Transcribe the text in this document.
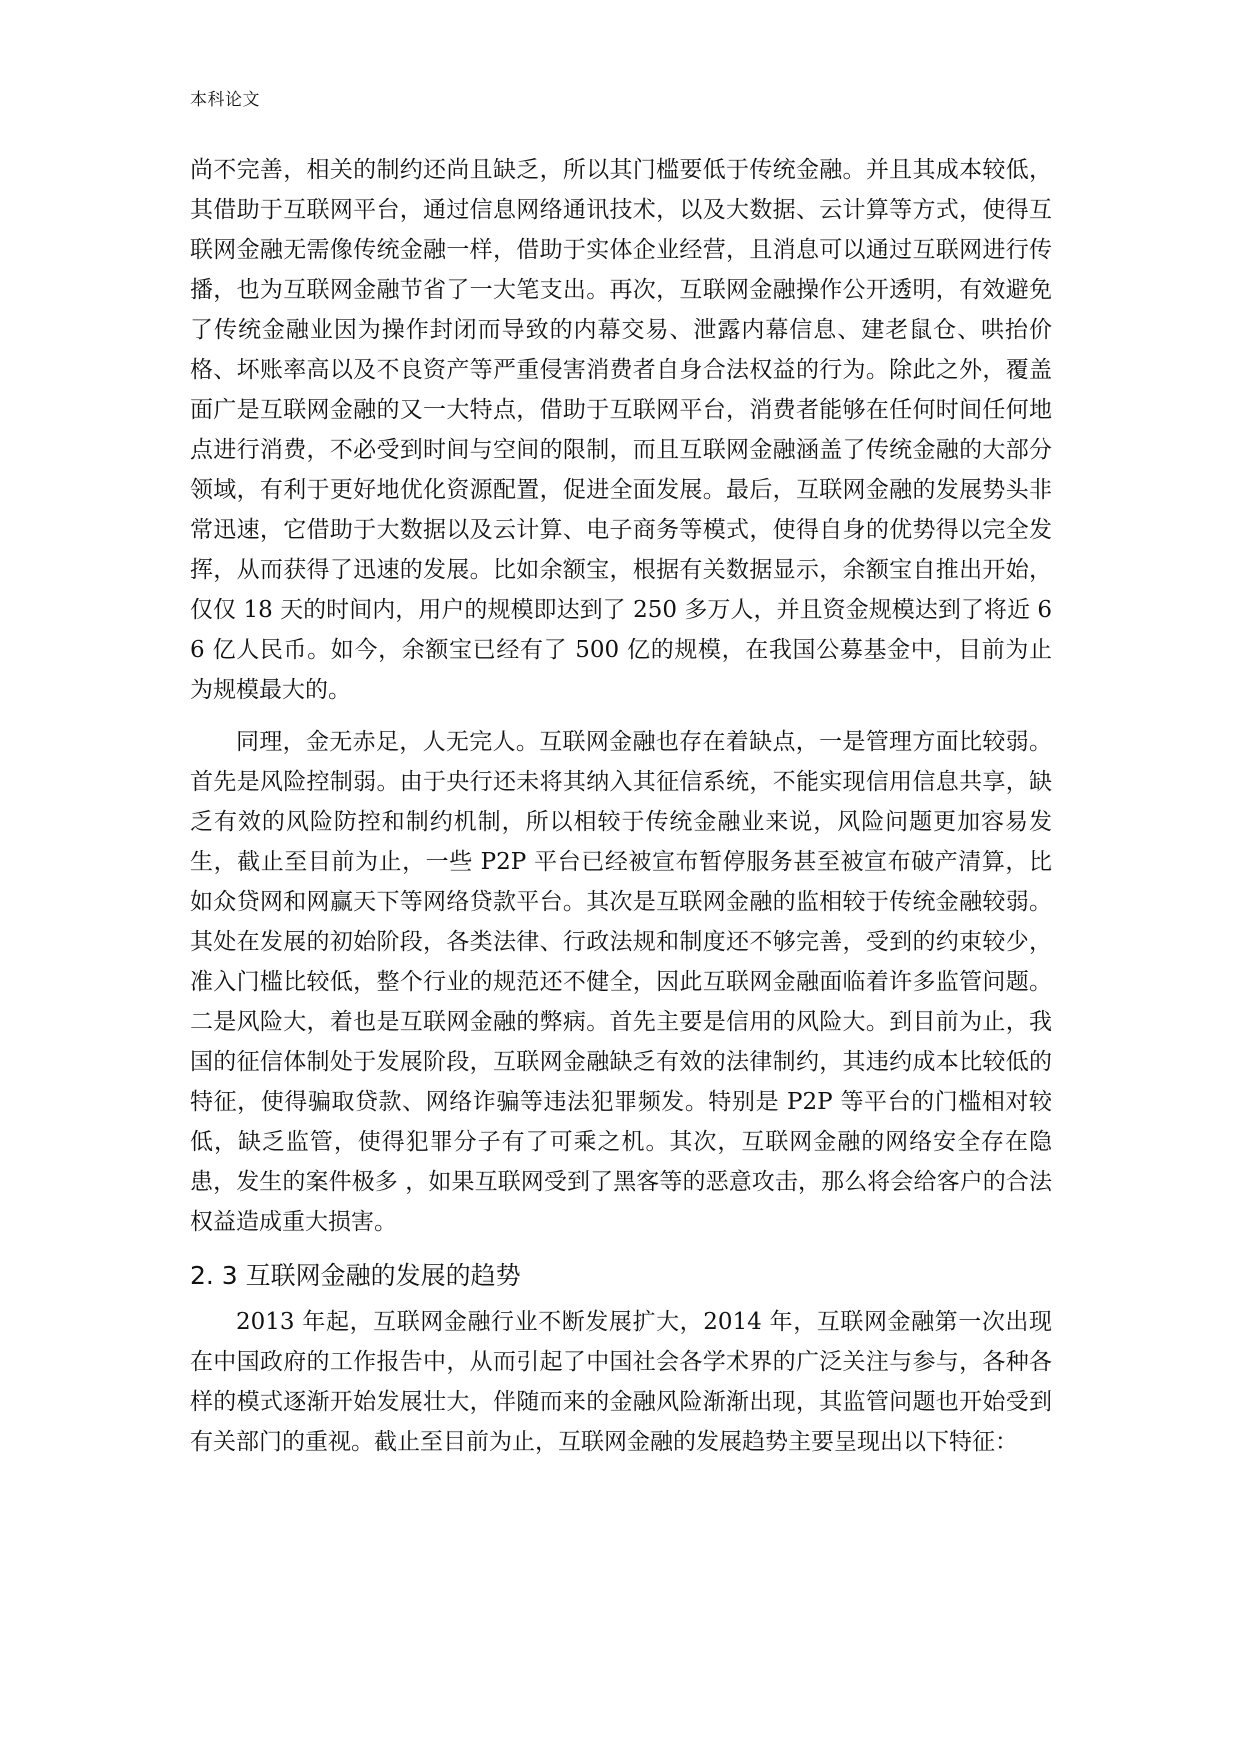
本科论文

尚不完善，相关的制约还尚且缺乏，所以其门槛要低于传统金融。并且其成本较低，其借助于互联网平台，通过信息网络通讯技术，以及大数据、云计算等方式，使得互联网金融无需像传统金融一样，借助于实体企业经营，且消息可以通过互联网进行传播，也为互联网金融节省了一大笔支出。再次，互联网金融操作公开透明，有效避免了传统金融业因为操作封闭而导致的内幕交易、泄露内幕信息、建老鼠仓、哄抬价格、坏账率高以及不良资产等严重侵害消费者自身合法权益的行为。除此之外，覆盖面广是互联网金融的又一大特点，借助于互联网平台，消费者能够在任何时间任何地点进行消费，不必受到时间与空间的限制，而且互联网金融涵盖了传统金融的大部分领域，有利于更好地优化资源配置，促进全面发展。最后，互联网金融的发展势头非常迅速，它借助于大数据以及云计算、电子商务等模式，使得自身的优势得以完全发挥，从而获得了迅速的发展。比如余额宝，根据有关数据显示，余额宝自推出开始，仅仅 18 天的时间内，用户的规模即达到了 250 多万人，并且资金规模达到了将近 66 亿人民币。如今，余额宝已经有了 500 亿的规模，在我国公募基金中，目前为止为规模最大的。

同理，金无赤足，人无完人。互联网金融也存在着缺点，一是管理方面比较弱。首先是风险控制弱。由于央行还未将其纳入其征信系统，不能实现信用信息共享，缺乏有效的风险防控和制约机制，所以相较于传统金融业来说，风险问题更加容易发生，截止至目前为止，一些 P2P 平台已经被宣布暂停服务甚至被宣布破产清算，比如众贷网和网赢天下等网络贷款平台。其次是互联网金融的监相较于传统金融较弱。其处在发展的初始阶段，各类法律、行政法规和制度还不够完善，受到的约束较少，准入门槛比较低，整个行业的规范还不健全，因此互联网金融面临着许多监管问题。二是风险大，着也是互联网金融的弊病。首先主要是信用的风险大。到目前为止，我国的征信体制处于发展阶段，互联网金融缺乏有效的法律制约，其违约成本比较低的特征，使得骗取贷款、网络诈骗等违法犯罪频发。特别是 P2P 等平台的门槛相对较低，缺乏监管，使得犯罪分子有了可乘之机。其次，互联网金融的网络安全存在隐患，发生的案件极多 ，如果互联网受到了黑客等的恶意攻击，那么将会给客户的合法权益造成重大损害。

2. 3 互联网金融的发展的趋势

2013 年起，互联网金融行业不断发展扩大，2014 年，互联网金融第一次出现在中国政府的工作报告中，从而引起了中国社会各学术界的广泛关注与参与，各种各样的模式逐渐开始发展壮大，伴随而来的金融风险渐渐出现，其监管问题也开始受到有关部门的重视。截止至目前为止，互联网金融的发展趋势主要呈现出以下特征：
